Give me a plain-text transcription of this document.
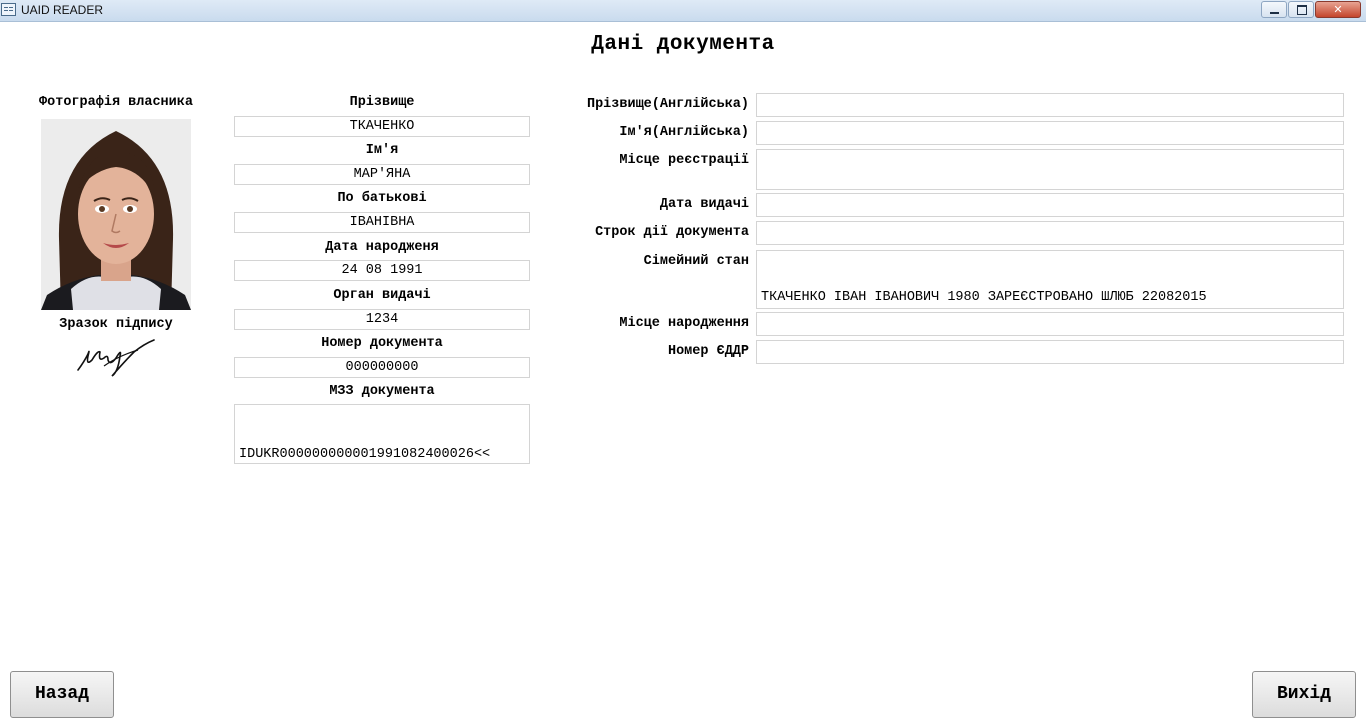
UAID READER
✕
Дані документа
Фотографія власника
Зразок підпису
Прізвище
ТКАЧЕНКО
Ім'я
МАР'ЯНА
По батькові
ІВАНІВНА
Дата народженя
24 08 1991
Орган видачі
1234
Номер документа
000000000
МЗЗ документа

IDUKR000000000001991082400026<<

Прізвище(Англійська)

Ім'я(Англійська)

Місце реєстрації

Дата видачі

Строк дії документа

Сімейний стан

ТКАЧЕНКО ІВАН ІВАНОВИЧ 1980 ЗАРЕЄСТРОВАНО ШЛЮБ 22082015

Місце народження

Номер ЄДДР

Назад	Вихід
